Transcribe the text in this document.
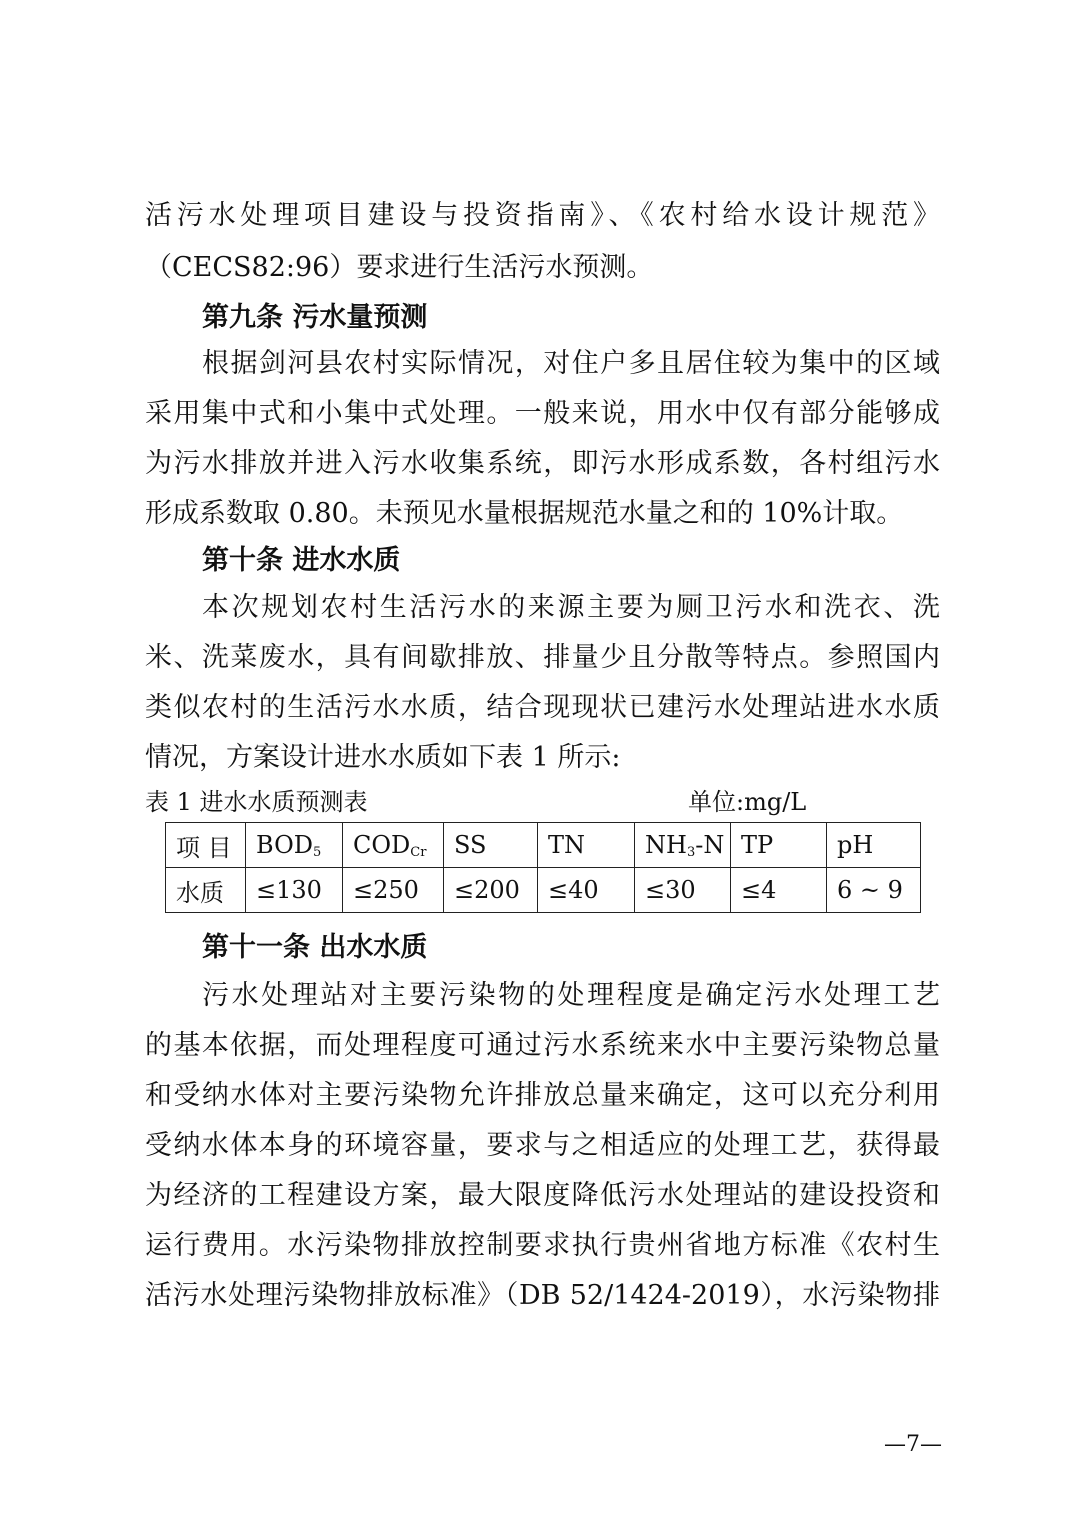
活污水处理项目建设与投资指南》、《农村给水设计规范》
（CECS82:96）要求进行生活污水预测。
第九条 污水量预测
根据剑河县农村实际情况，对住户多且居住较为集中的区域
采用集中式和小集中式处理。一般来说，用水中仅有部分能够成
为污水排放并进入污水收集系统，即污水形成系数，各村组污水
形成系数取 0.80。未预见水量根据规范水量之和的 10%计取。
第十条 进水水质
本次规划农村生活污水的来源主要为厕卫污水和洗衣、洗
米、洗菜废水，具有间歇排放、排量少且分散等特点。参照国内
类似农村的生活污水水质，结合现现状已建污水处理站进水水质
情况，方案设计进水水质如下表 1 所示:
表 1 进水水质预测表	单位:mg/L
项 目	$BOD_5$	$COD_{Cr}$	SS	TN	$NH_3-N$	TP	pH
水质	≤130	≤250	≤200	≤40	≤30	≤4	6 ~ 9
第十一条 出水水质
污水处理站对主要污染物的处理程度是确定污水处理工艺
的基本依据，而处理程度可通过污水系统来水中主要污染物总量
和受纳水体对主要污染物允许排放总量来确定，这可以充分利用
受纳水体本身的环境容量，要求与之相适应的处理工艺，获得最
为经济的工程建设方案，最大限度降低污水处理站的建设投资和
运行费用。水污染物排放控制要求执行贵州省地方标准《农村生
活污水处理污染物排放标准》（DB 52/1424-2019），水污染物排
—7—
